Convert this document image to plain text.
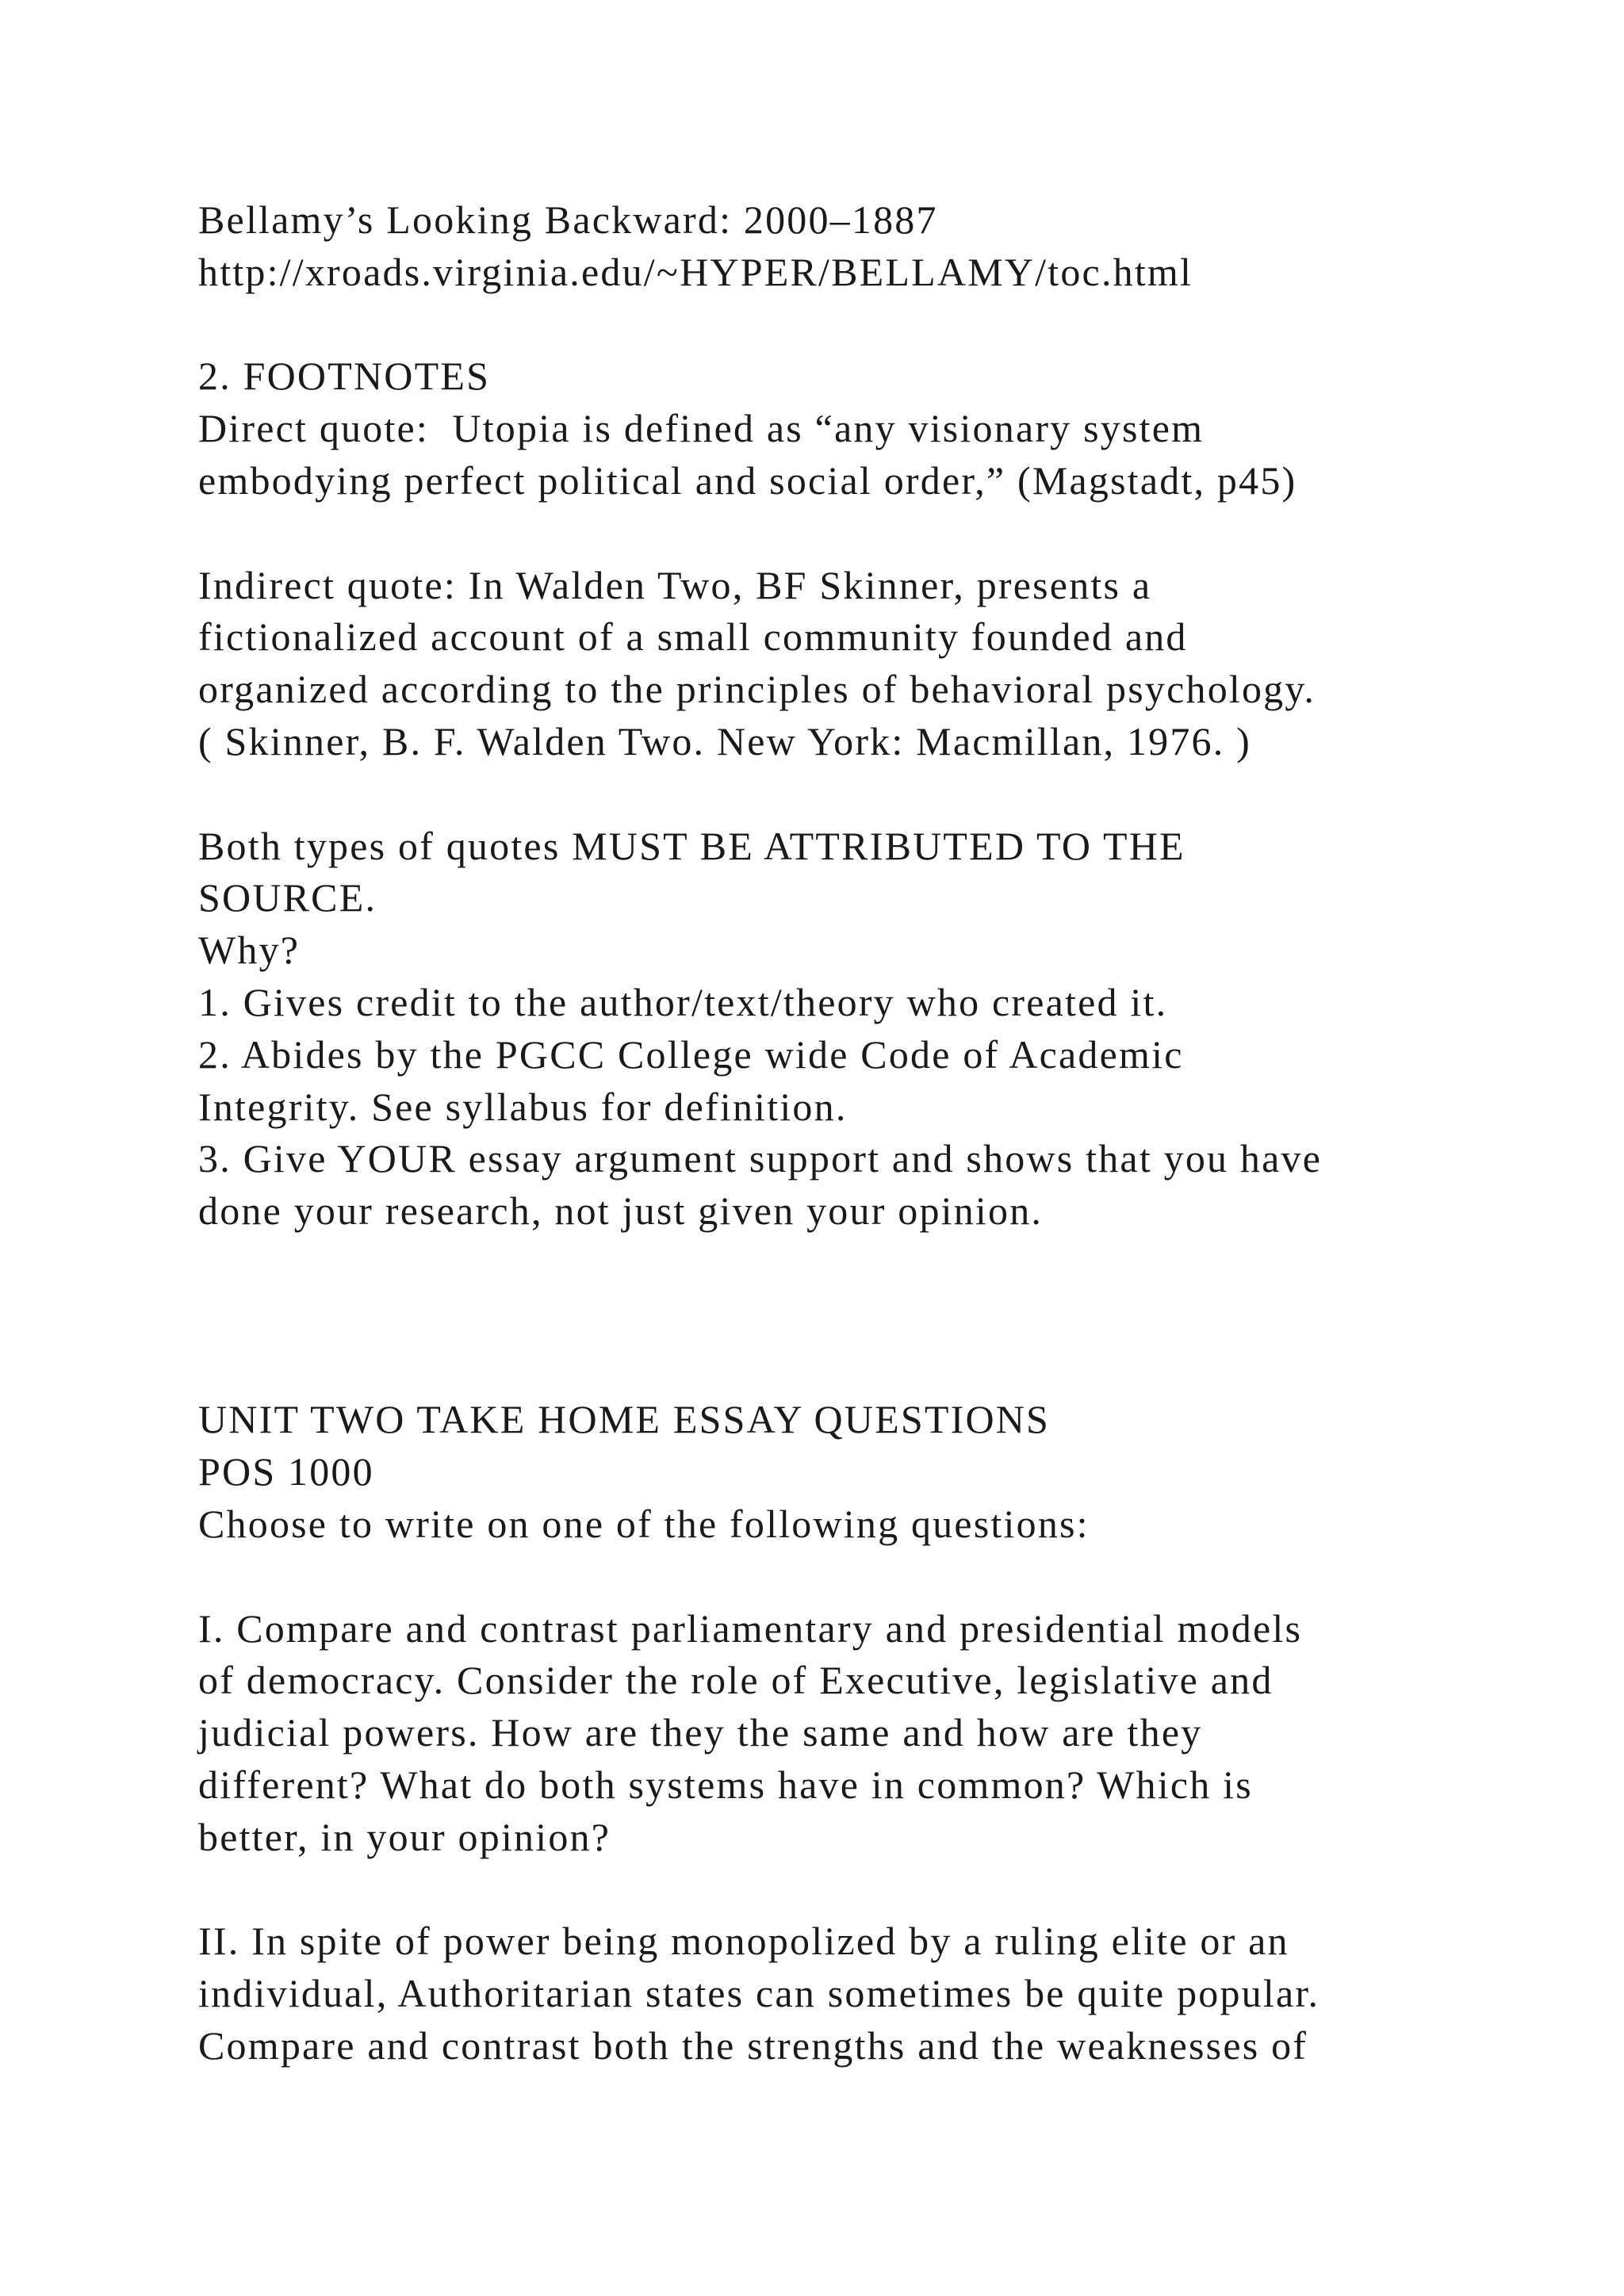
Bellamy’s Looking Backward: 2000–1887
http://xroads.virginia.edu/~HYPER/BELLAMY/toc.html
2. FOOTNOTES
Direct quote:  Utopia is defined as “any visionary system
embodying perfect political and social order,” (Magstadt, p45)
Indirect quote: In Walden Two, BF Skinner, presents a
fictionalized account of a small community founded and
organized according to the principles of behavioral psychology.
( Skinner, B. F. Walden Two. New York: Macmillan, 1976. )
Both types of quotes MUST BE ATTRIBUTED TO THE
SOURCE.
Why?
1. Gives credit to the author/text/theory who created it.
2. Abides by the PGCC College wide Code of Academic
Integrity. See syllabus for definition.
3. Give YOUR essay argument support and shows that you have
done your research, not just given your opinion.
UNIT TWO TAKE HOME ESSAY QUESTIONS
POS 1000
Choose to write on one of the following questions:
I. Compare and contrast parliamentary and presidential models
of democracy. Consider the role of Executive, legislative and
judicial powers. How are they the same and how are they
different? What do both systems have in common? Which is
better, in your opinion?
II. In spite of power being monopolized by a ruling elite or an
individual, Authoritarian states can sometimes be quite popular.
Compare and contrast both the strengths and the weaknesses of
